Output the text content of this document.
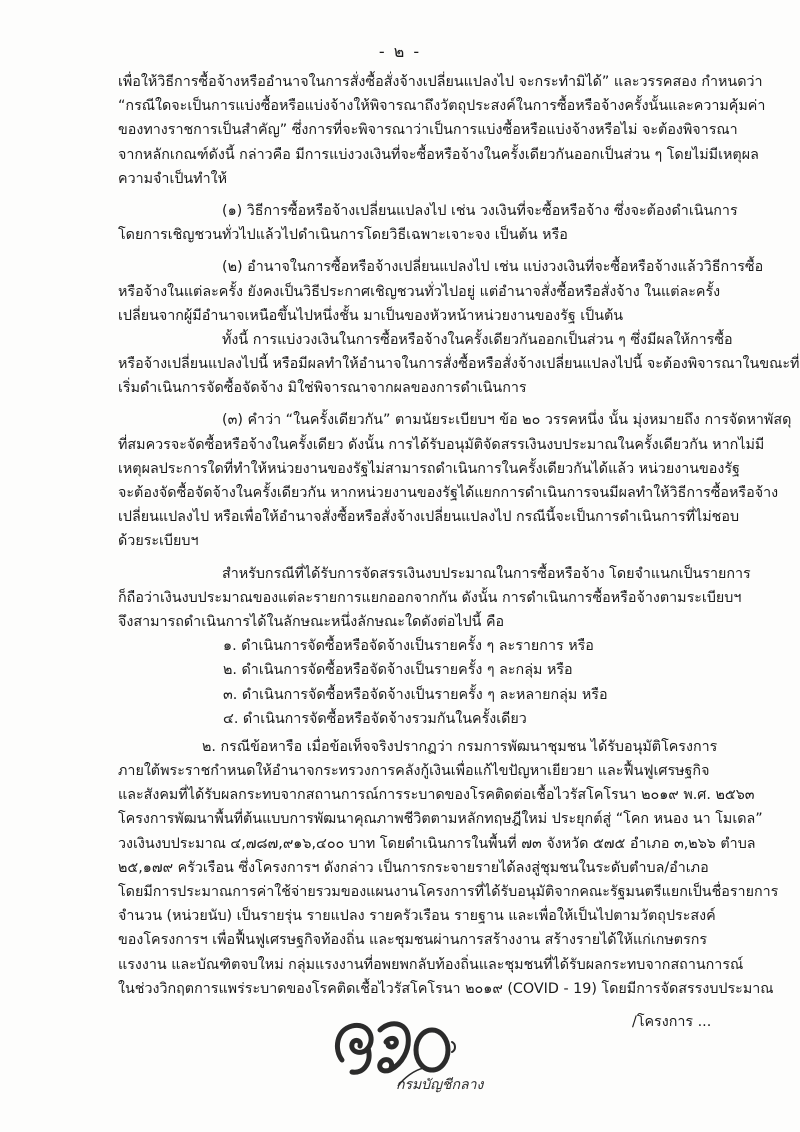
- ๒ -
เพื่อให้วิธีการซื้อจ้างหรืออำนาจในการสั่งซื้อสั่งจ้างเปลี่ยนแปลงไป จะกระทำมิได้” และวรรคสอง กำหนดว่า
“กรณีใดจะเป็นการแบ่งซื้อหรือแบ่งจ้างให้พิจารณาถึงวัตถุประสงค์ในการซื้อหรือจ้างครั้งนั้นและความคุ้มค่า
ของทางราชการเป็นสำคัญ” ซึ่งการที่จะพิจารณาว่าเป็นการแบ่งซื้อหรือแบ่งจ้างหรือไม่ จะต้องพิจารณา
จากหลักเกณฑ์ดังนี้ กล่าวคือ มีการแบ่งวงเงินที่จะซื้อหรือจ้างในครั้งเดียวกันออกเป็นส่วน ๆ โดยไม่มีเหตุผล
ความจำเป็นทำให้
(๑) วิธีการซื้อหรือจ้างเปลี่ยนแปลงไป เช่น วงเงินที่จะซื้อหรือจ้าง ซึ่งจะต้องดำเนินการ
โดยการเชิญชวนทั่วไปแล้วไปดำเนินการโดยวิธีเฉพาะเจาะจง เป็นต้น หรือ
(๒) อำนาจในการซื้อหรือจ้างเปลี่ยนแปลงไป เช่น แบ่งวงเงินที่จะซื้อหรือจ้างแล้ววิธีการซื้อ
หรือจ้างในแต่ละครั้ง ยังคงเป็นวิธีประกาศเชิญชวนทั่วไปอยู่ แต่อำนาจสั่งซื้อหรือสั่งจ้าง ในแต่ละครั้ง
เปลี่ยนจากผู้มีอำนาจเหนือขึ้นไปหนึ่งชั้น มาเป็นของหัวหน้าหน่วยงานของรัฐ เป็นต้น
ทั้งนี้ การแบ่งวงเงินในการซื้อหรือจ้างในครั้งเดียวกันออกเป็นส่วน ๆ ซึ่งมีผลให้การซื้อ
หรือจ้างเปลี่ยนแปลงไปนี้ หรือมีผลทำให้อำนาจในการสั่งซื้อหรือสั่งจ้างเปลี่ยนแปลงไปนี้ จะต้องพิจารณาในขณะที่
เริ่มดำเนินการจัดซื้อจัดจ้าง มิใช่พิจารณาจากผลของการดำเนินการ
(๓) คำว่า “ในครั้งเดียวกัน” ตามนัยระเบียบฯ ข้อ ๒๐ วรรคหนึ่ง นั้น มุ่งหมายถึง การจัดหาพัสดุ
ที่สมควรจะจัดซื้อหรือจ้างในครั้งเดียว ดังนั้น การได้รับอนุมัติจัดสรรเงินงบประมาณในครั้งเดียวกัน หากไม่มี
เหตุผลประการใดที่ทำให้หน่วยงานของรัฐไม่สามารถดำเนินการในครั้งเดียวกันได้แล้ว หน่วยงานของรัฐ
จะต้องจัดซื้อจัดจ้างในครั้งเดียวกัน หากหน่วยงานของรัฐได้แยกการดำเนินการจนมีผลทำให้วิธีการซื้อหรือจ้าง
เปลี่ยนแปลงไป หรือเพื่อให้อำนาจสั่งซื้อหรือสั่งจ้างเปลี่ยนแปลงไป กรณีนี้จะเป็นการดำเนินการที่ไม่ชอบ
ด้วยระเบียบฯ
สำหรับกรณีที่ได้รับการจัดสรรเงินงบประมาณในการซื้อหรือจ้าง โดยจำแนกเป็นรายการ
ก็ถือว่าเงินงบประมาณของแต่ละรายการแยกออกจากกัน ดังนั้น การดำเนินการซื้อหรือจ้างตามระเบียบฯ
จึงสามารถดำเนินการได้ในลักษณะหนึ่งลักษณะใดดังต่อไปนี้ คือ
๑. ดำเนินการจัดซื้อหรือจัดจ้างเป็นรายครั้ง ๆ ละรายการ หรือ
๒. ดำเนินการจัดซื้อหรือจัดจ้างเป็นรายครั้ง ๆ ละกลุ่ม หรือ
๓. ดำเนินการจัดซื้อหรือจัดจ้างเป็นรายครั้ง ๆ ละหลายกลุ่ม หรือ
๔. ดำเนินการจัดซื้อหรือจัดจ้างรวมกันในครั้งเดียว
๒. กรณีข้อหารือ เมื่อข้อเท็จจริงปรากฏว่า กรมการพัฒนาชุมชน ได้รับอนุมัติโครงการ
ภายใต้พระราชกำหนดให้อำนาจกระทรวงการคลังกู้เงินเพื่อแก้ไขปัญหาเยียวยา และฟื้นฟูเศรษฐกิจ
และสังคมที่ได้รับผลกระทบจากสถานการณ์การระบาดของโรคติดต่อเชื้อไวรัสโคโรนา ๒๐๑๙ พ.ศ. ๒๕๖๓
โครงการพัฒนาพื้นที่ต้นแบบการพัฒนาคุณภาพชีวิตตามหลักทฤษฎีใหม่ ประยุกต์สู่ “โคก หนอง นา โมเดล”
วงเงินงบประมาณ ๔,๗๘๗,๙๑๖,๔๐๐ บาท โดยดำเนินการในพื้นที่ ๗๓ จังหวัด ๕๗๕ อำเภอ ๓,๒๖๖ ตำบล
๒๕,๑๗๙ ครัวเรือน ซึ่งโครงการฯ ดังกล่าว เป็นการกระจายรายได้ลงสู่ชุมชนในระดับตำบล/อำเภอ
โดยมีการประมาณการค่าใช้จ่ายรวมของแผนงานโครงการที่ได้รับอนุมัติจากคณะรัฐมนตรีแยกเป็นชื่อรายการ
จำนวน (หน่วยนับ) เป็นรายรุ่น รายแปลง รายครัวเรือน รายฐาน และเพื่อให้เป็นไปตามวัตถุประสงค์
ของโครงการฯ เพื่อฟื้นฟูเศรษฐกิจท้องถิ่น และชุมชนผ่านการสร้างงาน สร้างรายได้ให้แก่เกษตรกร
แรงงาน และบัณฑิตจบใหม่ กลุ่มแรงงานที่อพยพกลับท้องถิ่นและชุมชนที่ได้รับผลกระทบจากสถานการณ์
ในช่วงวิกฤตการแพร่ระบาดของโรคติดเชื้อไวรัสโคโรนา ๒๐๑๙ (COVID - 19) โดยมีการจัดสรรงบประมาณ
/โครงการ ...
กรมบัญชีกลาง
